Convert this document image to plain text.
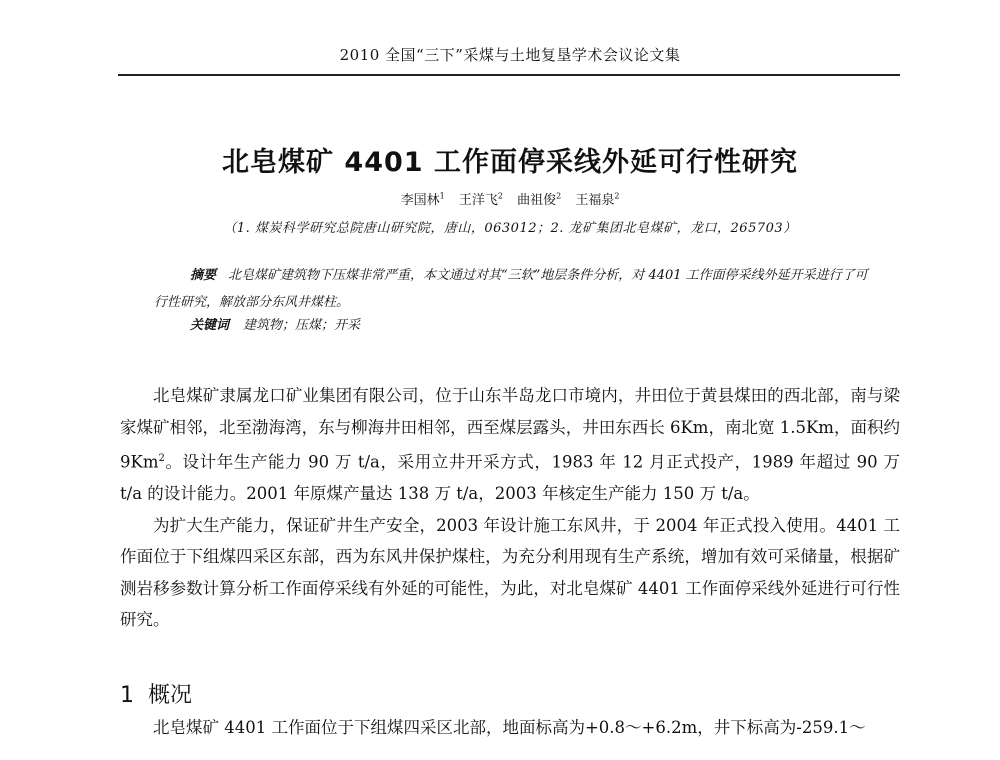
2010 全国“三下”采煤与土地复垦学术会议论文集
北皂煤矿 4401 工作面停采线外延可行性研究
李国林$^1$ 王洋飞$^2$ 曲祖俊$^2$ 王福泉$^2$
（1. 煤炭科学研究总院唐山研究院，唐山，063012；2. 龙矿集团北皂煤矿，龙口，265703）

摘要 北皂煤矿建筑物下压煤非常严重，本文通过对其“三软”地层条件分析，对 4401 工作面停采线外延开采进行了可行性研究，解放部分东风井煤柱。

关键词 建筑物；压煤；开采

北皂煤矿隶属龙口矿业集团有限公司，位于山东半岛龙口市境内，井田位于黄县煤田的西北部，南与梁家煤矿相邻，北至渤海湾，东与柳海井田相邻，西至煤层露头，井田东西长 6Km，南北宽 1.5Km，面积约 9Km$^2$。设计年生产能力 90 万 t/a，采用立井开采方式，1983 年 12 月正式投产，1989 年超过 90 万 t/a 的设计能力。2001 年原煤产量达 138 万 t/a，2003 年核定生产能力 150 万 t/a。

为扩大生产能力，保证矿井生产安全，2003 年设计施工东风井，于 2004 年正式投入使用。4401 工作面位于下组煤四采区东部，西为东风井保护煤柱，为充分利用现有生产系统，增加有效可采储量，根据矿测岩移参数计算分析工作面停采线有外延的可能性，为此，对北皂煤矿 4401 工作面停采线外延进行可行性研究。

1 概况

北皂煤矿 4401 工作面位于下组煤四采区北部，地面标高为+0.8～+6.2m，井下标高为-259.1～
